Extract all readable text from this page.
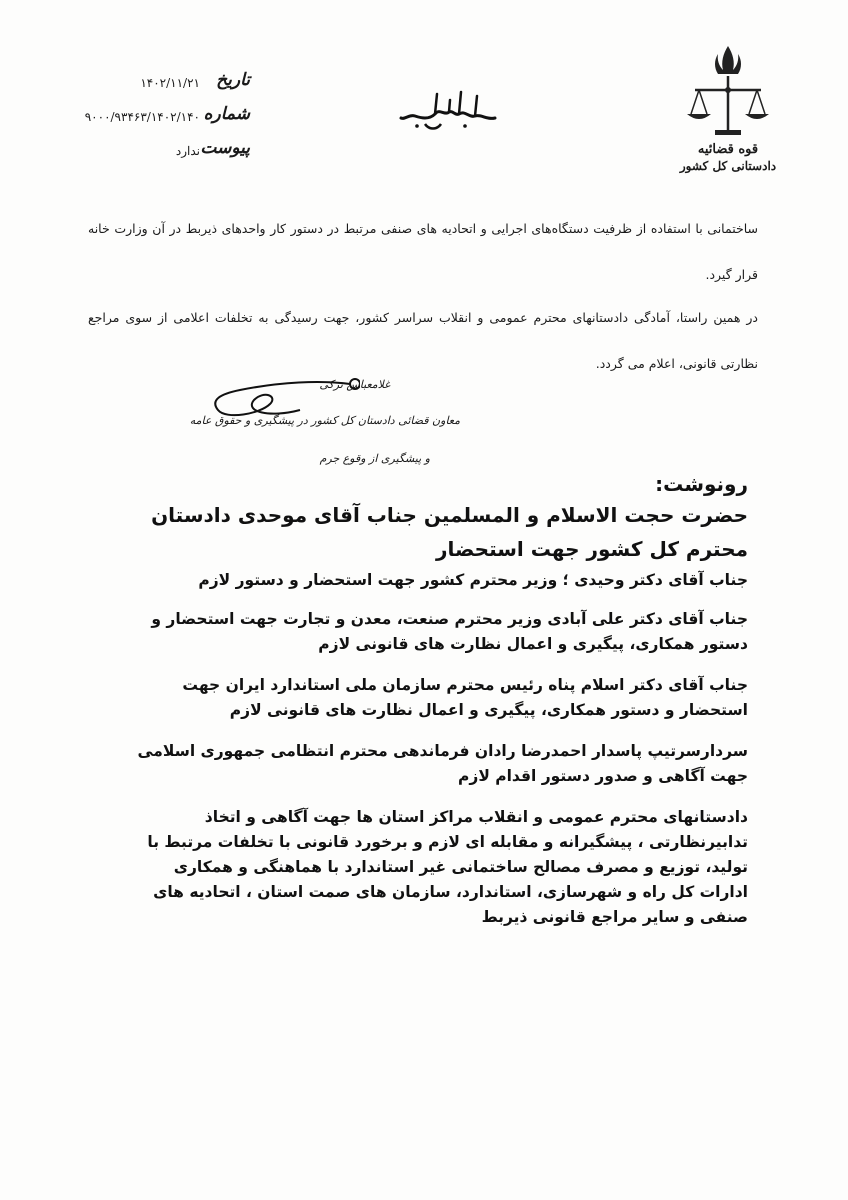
قوه قضائیه
دادستانی کل کشور
تاریخ
۱۴۰۲/۱۱/۲۱
شماره
۹۰۰۰/۹۳۴۶۳/۱۴۰۲/۱۴۰
پیوست
ندارد
ساختمانی با استفاده از ظرفیت دستگاه‌های اجرایی و اتحادیه های صنفی مرتبط در دستور کار واحدهای ذیربط در آن وزارت خانه قرار گیرد.
در همین راستا، آمادگی دادستانهای محترم عمومی و انقلاب سراسر کشور، جهت رسیدگی به تخلفات اعلامی از سوی مراجع نظارتی قانونی، اعلام می گردد.
غلامعباس ترکی
معاون قضائی دادستان کل کشور در پیشگیری و حقوق عامه
و پیشگیری از وقوع جرم
رونوشت:
حضرت حجت الاسلام و المسلمین جناب آقای موحدی دادستان محترم کل کشور جهت استحضار
جناب آقای دکتر وحیدی ؛ وزیر محترم کشور جهت استحضار و دستور لازم
جناب آقای دکتر علی آبادی وزیر محترم صنعت، معدن و تجارت جهت استحضار و دستور همکاری، پیگیری و اعمال نظارت های قانونی لازم
جناب آقای دکتر اسلام پناه رئیس محترم سازمان ملی استاندارد ایران جهت استحضار و دستور همکاری، پیگیری و اعمال نظارت های قانونی لازم
سردارسرتیپ پاسدار احمدرضا رادان فرماندهی محترم انتظامی جمهوری اسلامی جهت آگاهی و صدور دستور اقدام لازم
دادستانهای محترم عمومی و انقلاب مراکز استان ها جهت آگاهی و اتخاذ تدابیرنظارتی ، پیشگیرانه و مقابله ای لازم و برخورد قانونی با تخلفات مرتبط با تولید، توزیع و مصرف مصالح ساختمانی غیر استاندارد با هماهنگی و همکاری ادارات کل راه و شهرسازی، استاندارد، سازمان های صمت استان ، اتحادیه های صنفی و سایر مراجع قانونی ذیربط
